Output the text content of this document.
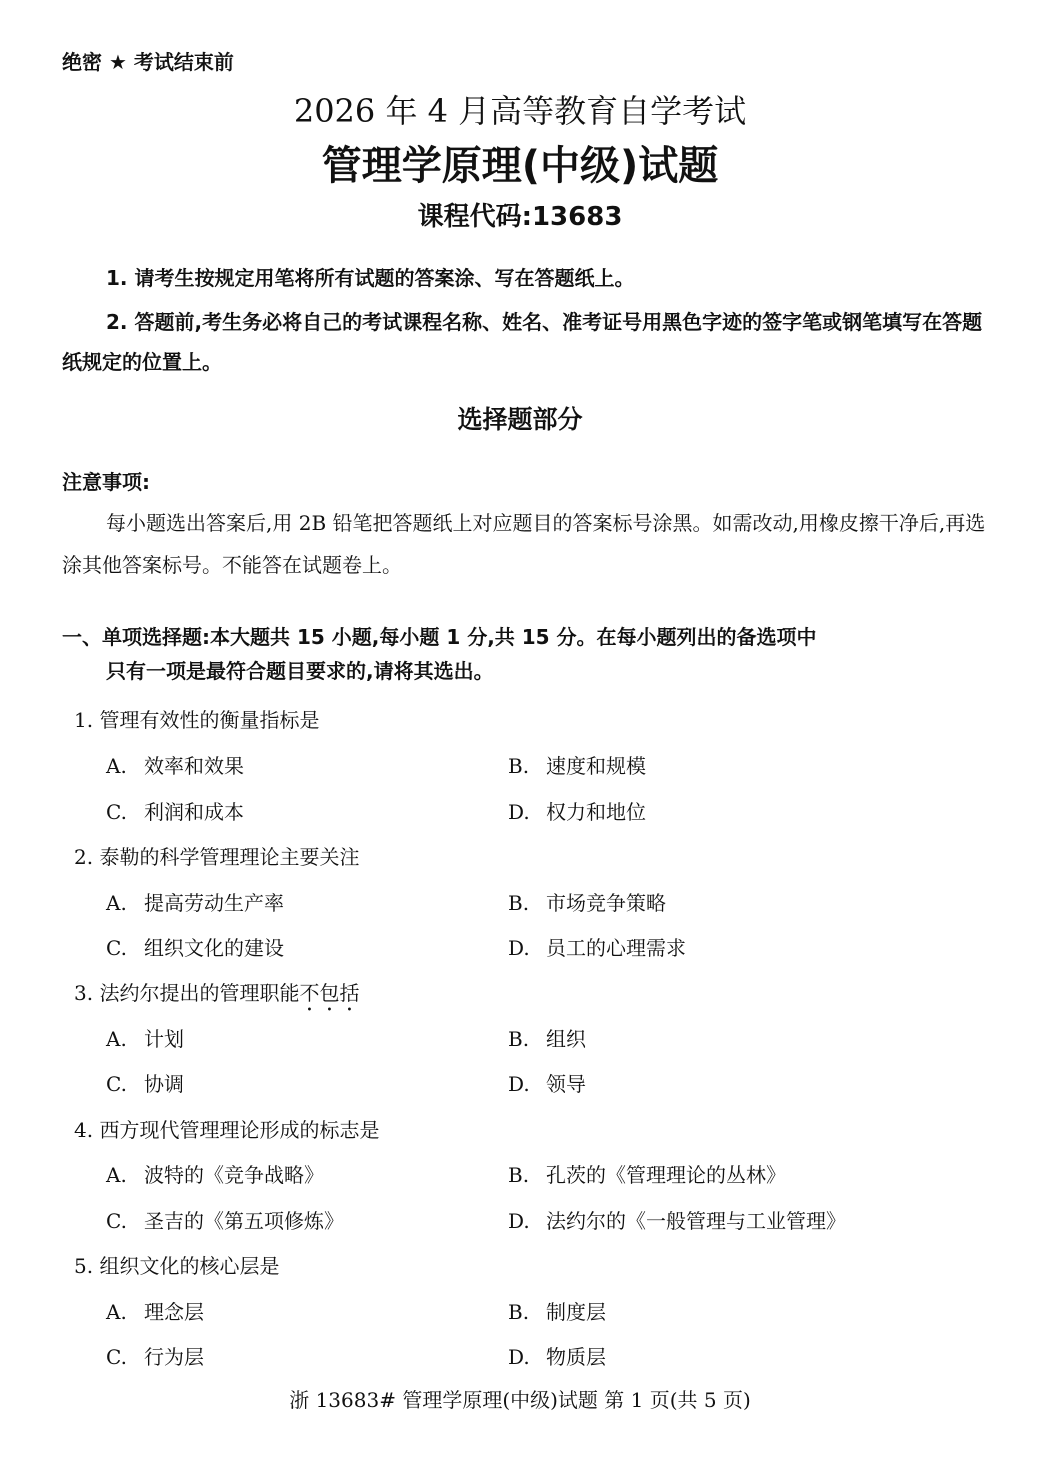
绝密 ★ 考试结束前
2026 年 4 月高等教育自学考试
管理学原理(中级)试题
课程代码:13683
1. 请考生按规定用笔将所有试题的答案涂、写在答题纸上。
2. 答题前,考生务必将自己的考试课程名称、姓名、准考证号用黑色字迹的签字笔或钢笔填写在答题纸规定的位置上。
选择题部分
注意事项:
每小题选出答案后,用 2B 铅笔把答题纸上对应题目的答案标号涂黑。如需改动,用橡皮擦干净后,再选涂其他答案标号。不能答在试题卷上。
一、单项选择题:本大题共 15 小题,每小题 1 分,共 15 分。在每小题列出的备选项中
只有一项是最符合题目要求的,请将其选出。
1. 管理有效性的衡量指标是
A. 效率和效果	B. 速度和规模
C. 利润和成本	D. 权力和地位
2. 泰勒的科学管理理论主要关注
A. 提高劳动生产率	B. 市场竞争策略
C. 组织文化的建设	D. 员工的心理需求
3. 法约尔提出的管理职能不包括
A. 计划	B. 组织
C. 协调	D. 领导
4. 西方现代管理理论形成的标志是
A. 波特的《竞争战略》	B. 孔茨的《管理理论的丛林》
C. 圣吉的《第五项修炼》	D. 法约尔的《一般管理与工业管理》
5. 组织文化的核心层是
A. 理念层	B. 制度层
C. 行为层	D. 物质层
浙 13683# 管理学原理(中级)试题 第 1 页(共 5 页)
